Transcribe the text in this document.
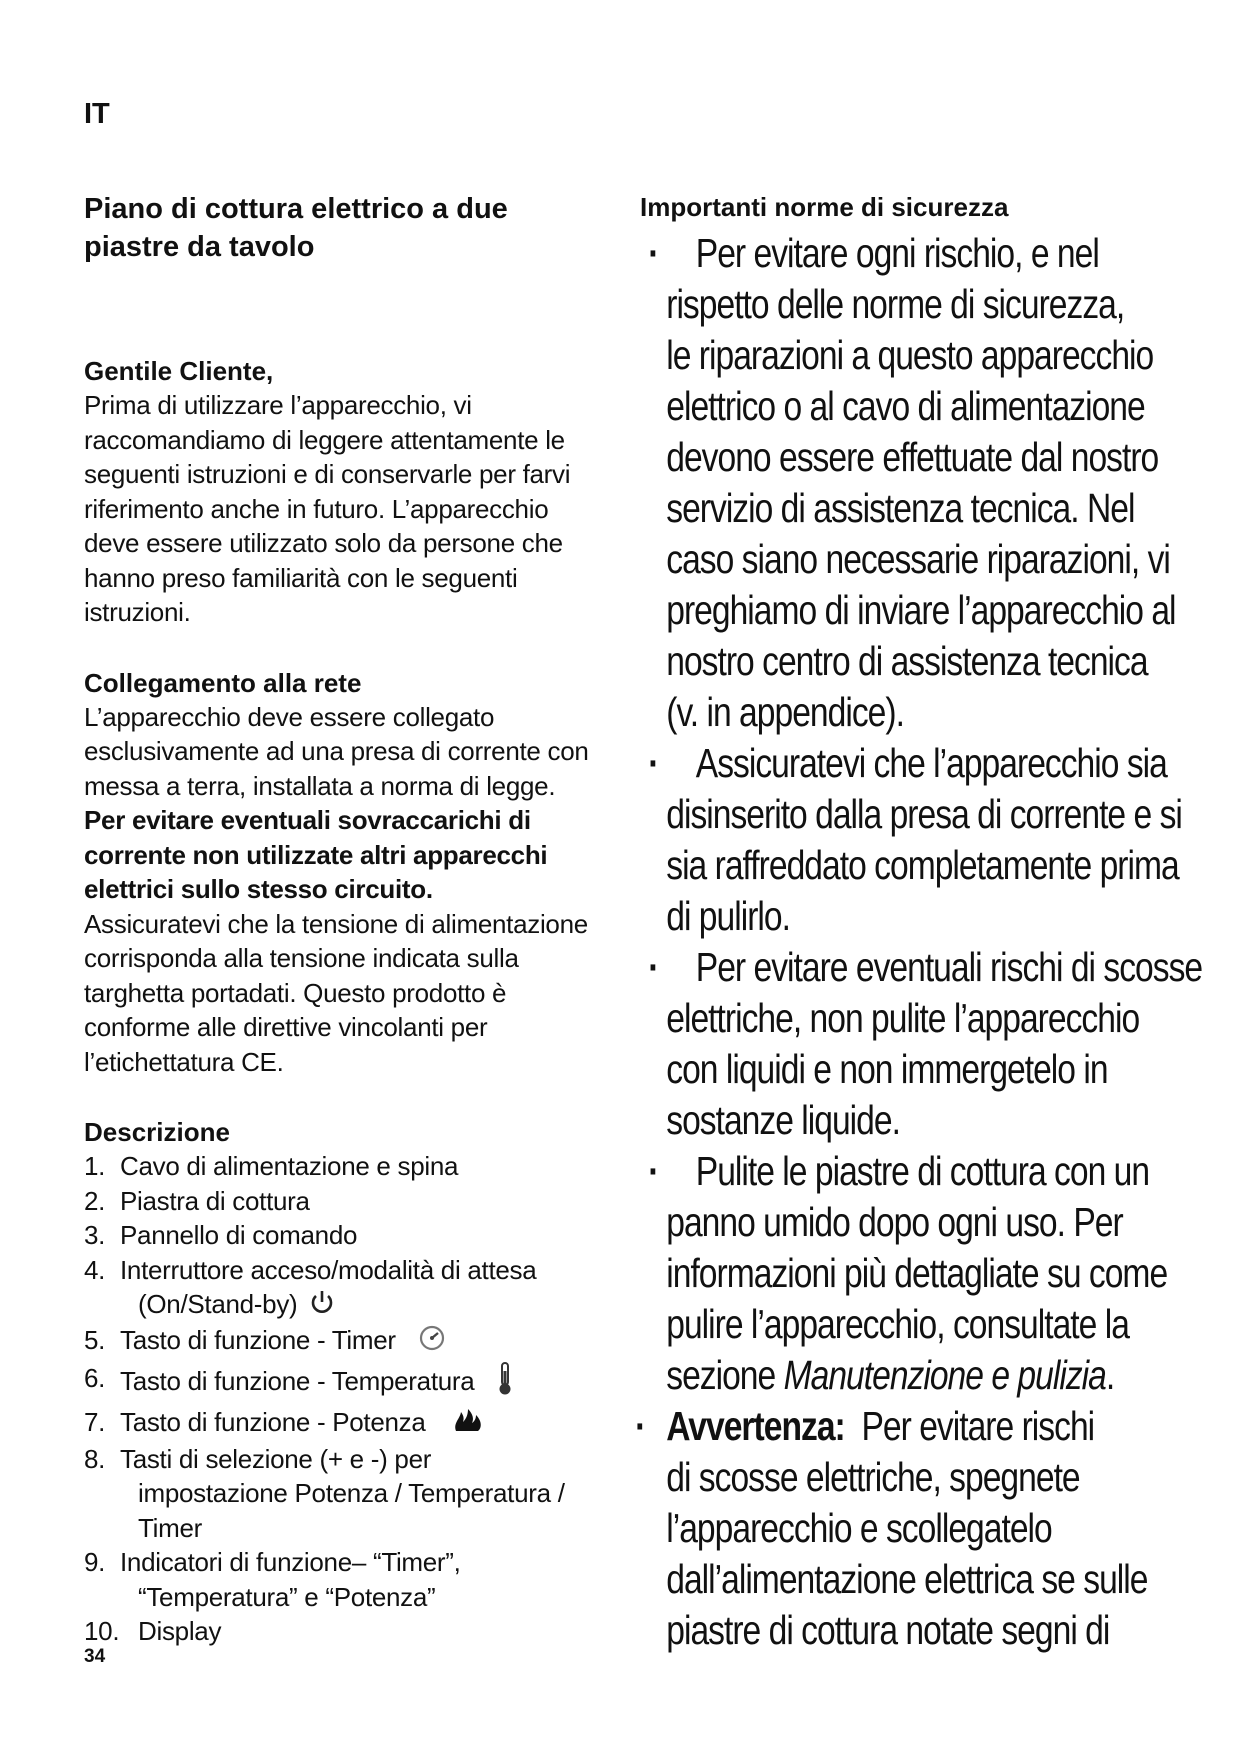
IT
Piano di cottura elettrico a due
piastre da tavolo

Gentile Cliente,

Prima di utilizzare l’apparecchio, vi
raccomandiamo di leggere attentamente le
seguenti istruzioni e di conservarle per farvi
riferimento anche in futuro. L’apparecchio
deve essere utilizzato solo da persone che
hanno preso familiarità con le seguenti
istruzioni.

Collegamento alla rete

L’apparecchio deve essere collegato
esclusivamente ad una presa di corrente con
messa a terra, installata a norma di legge.
Per evitare eventuali sovraccarichi di
corrente non utilizzate altri apparecchi
elettrici sullo stesso circuito.
Assicuratevi che la tensione di alimentazione
corrisponda alla tensione indicata sulla
targhetta portadati. Questo prodotto è
conforme alle direttive vincolanti per
l’etichettatura CE.

Descrizione

1. Cavo di alimentazione e spina
2. Piastra di cottura
3. Pannello di comando
4. Interruttore acceso/modalità di attesa
(On/Stand-by)
5. Tasto di funzione - Timer
6. Tasto di funzione - Temperatura
7. Tasto di funzione - Potenza
8. Tasti di selezione (+ e -) per
impostazione Potenza / Temperatura /
Timer
9. Indicatori di funzione– “Timer”,
“Temperatura” e “Potenza”
10. Display
34

Importanti norme di sicurezza

· Per evitare ogni rischio, e nel
rispetto delle norme di sicurezza,
le riparazioni a questo apparecchio
elettrico o al cavo di alimentazione
devono essere effettuate dal nostro
servizio di assistenza tecnica. Nel
caso siano necessarie riparazioni, vi
preghiamo di inviare l’apparecchio al
nostro centro di assistenza tecnica
(v. in appendice).
· Assicuratevi che l’apparecchio sia
disinserito dalla presa di corrente e si
sia raffreddato completamente prima
di pulirlo.
· Per evitare eventuali rischi di scosse
elettriche, non pulite l’apparecchio
con liquidi e non immergetelo in
sostanze liquide.
· Pulite le piastre di cottura con un
panno umido dopo ogni uso. Per
informazioni più dettagliate su come
pulire l’apparecchio, consultate la
sezione Manutenzione e pulizia.
· Avvertenza: Per evitare rischi
di scosse elettriche, spegnete
l’apparecchio e scollegatelo
dall’alimentazione elettrica se sulle
piastre di cottura notate segni di
